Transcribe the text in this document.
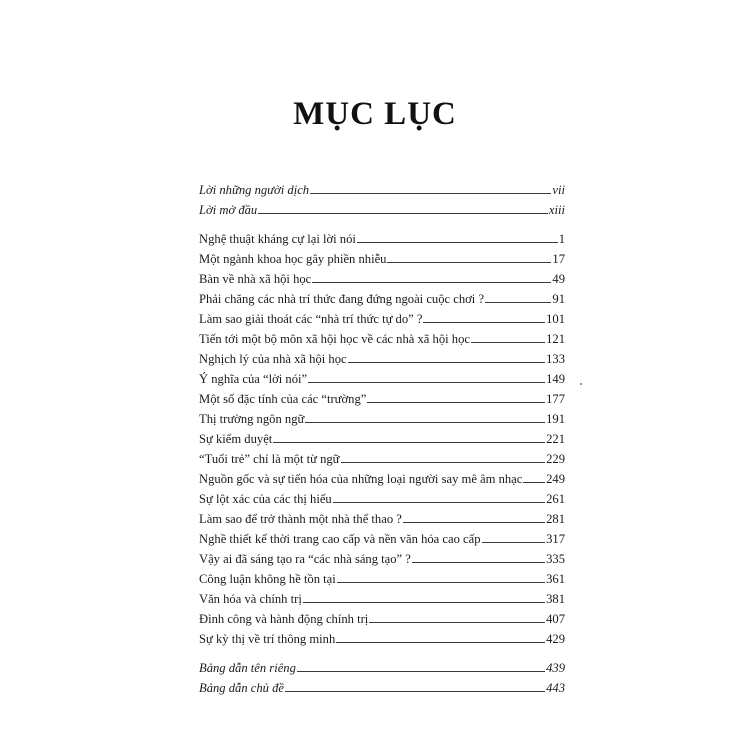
MỤC LỤC
Lời những người dịch	vii
Lời mở đầu	xiii
Nghệ thuật kháng cự lại lời nói	1
Một ngành khoa học gây phiền nhiễu	17
Bàn về nhà xã hội học	49
Phải chăng các nhà trí thức đang đứng ngoài cuộc chơi ?	91
Làm sao giải thoát các “nhà trí thức tự do” ?	101
Tiến tới một bộ môn xã hội học về các nhà xã hội học	121
Nghịch lý của nhà xã hội học	133
Ý nghĩa của “lời nói”	149
Một số đặc tính của các “trường”	177
Thị trường ngôn ngữ	191
Sự kiểm duyệt	221
“Tuổi trẻ” chỉ là một từ ngữ	229
Nguồn gốc và sự tiến hóa của những loại người say mê âm nhạc 249
Sự lột xác của các thị hiếu	261
Làm sao để trở thành một nhà thể thao ?	281
Nghề thiết kế thời trang cao cấp và nền văn hóa cao cấp	317
Vậy ai đã sáng tạo ra “các nhà sáng tạo” ?	335
Công luận không hề tồn tại	361
Văn hóa và chính trị	381
Đình công và hành động chính trị	407
Sự kỳ thị về trí thông minh	429
Bảng dẫn tên riêng	439
Bảng dẫn chủ đề	443
